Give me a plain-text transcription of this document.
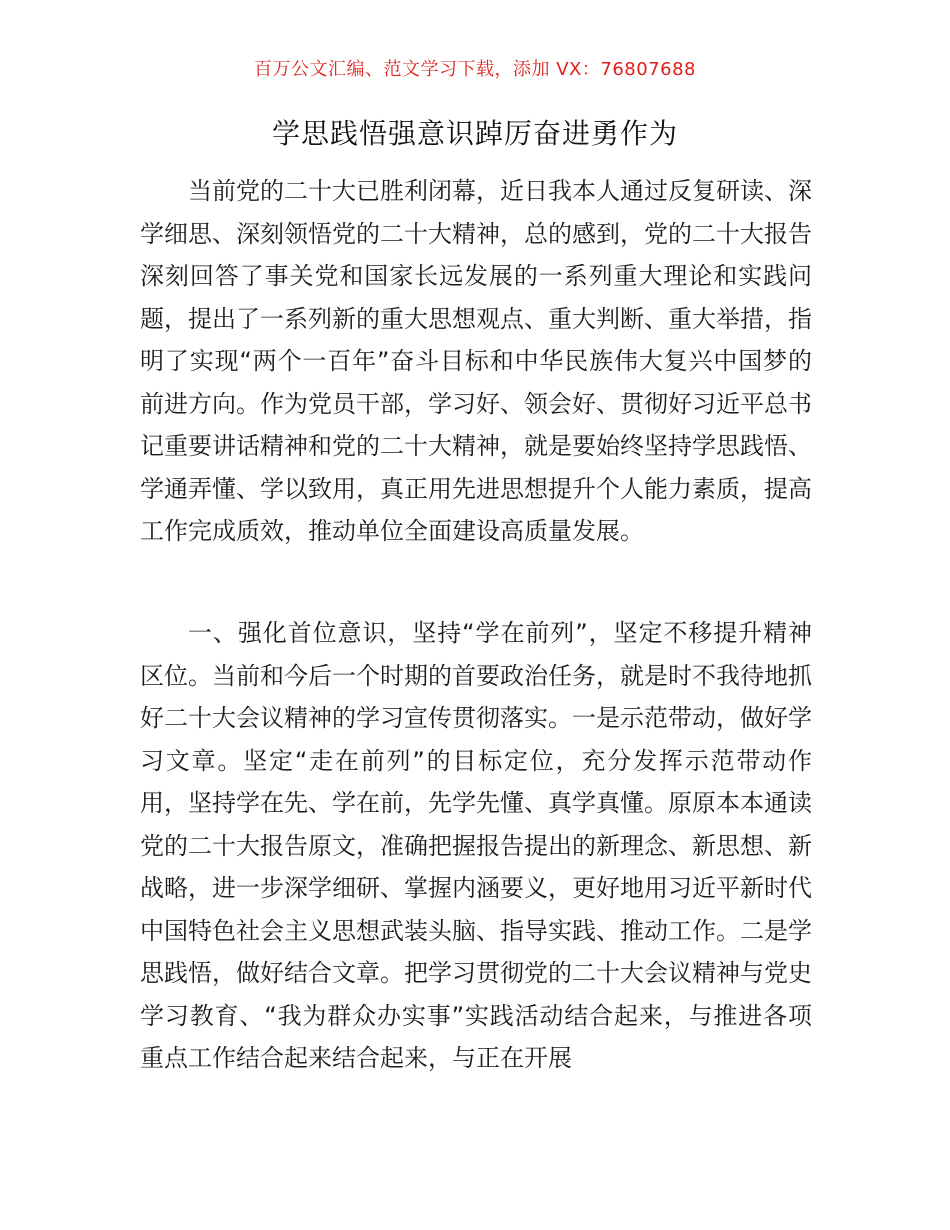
百万公文汇编、范文学习下载，添加 VX：76807688
学思践悟强意识踔厉奋进勇作为

当前党的二十大已胜利闭幕，近日我本人通过反复研读、深学细思、深刻领悟党的二十大精神，总的感到，党的二十大报告深刻回答了事关党和国家长远发展的一系列重大理论和实践问题，提出了一系列新的重大思想观点、重大判断、重大举措，指明了实现“两个一百年”奋斗目标和中华民族伟大复兴中国梦的前进方向。作为党员干部，学习好、领会好、贯彻好习近平总书记重要讲话精神和党的二十大精神，就是要始终坚持学思践悟、学通弄懂、学以致用，真正用先进思想提升个人能力素质，提高工作完成质效，推动单位全面建设高质量发展。

一、强化首位意识，坚持“学在前列”，坚定不移提升精神区位。当前和今后一个时期的首要政治任务，就是时不我待地抓好二十大会议精神的学习宣传贯彻落实。一是示范带动，做好学习文章。坚定“走在前列”的目标定位，充分发挥示范带动作用，坚持学在先、学在前，先学先懂、真学真懂。原原本本通读党的二十大报告原文，准确把握报告提出的新理念、新思想、新战略，进一步深学细研、掌握内涵要义，更好地用习近平新时代中国特色社会主义思想武装头脑、指导实践、推动工作。二是学思践悟，做好结合文章。把学习贯彻党的二十大会议精神与党史学习教育、“我为群众办实事”实践活动结合起来，与推进各项重点工作结合起来结合起来，与正在开展
